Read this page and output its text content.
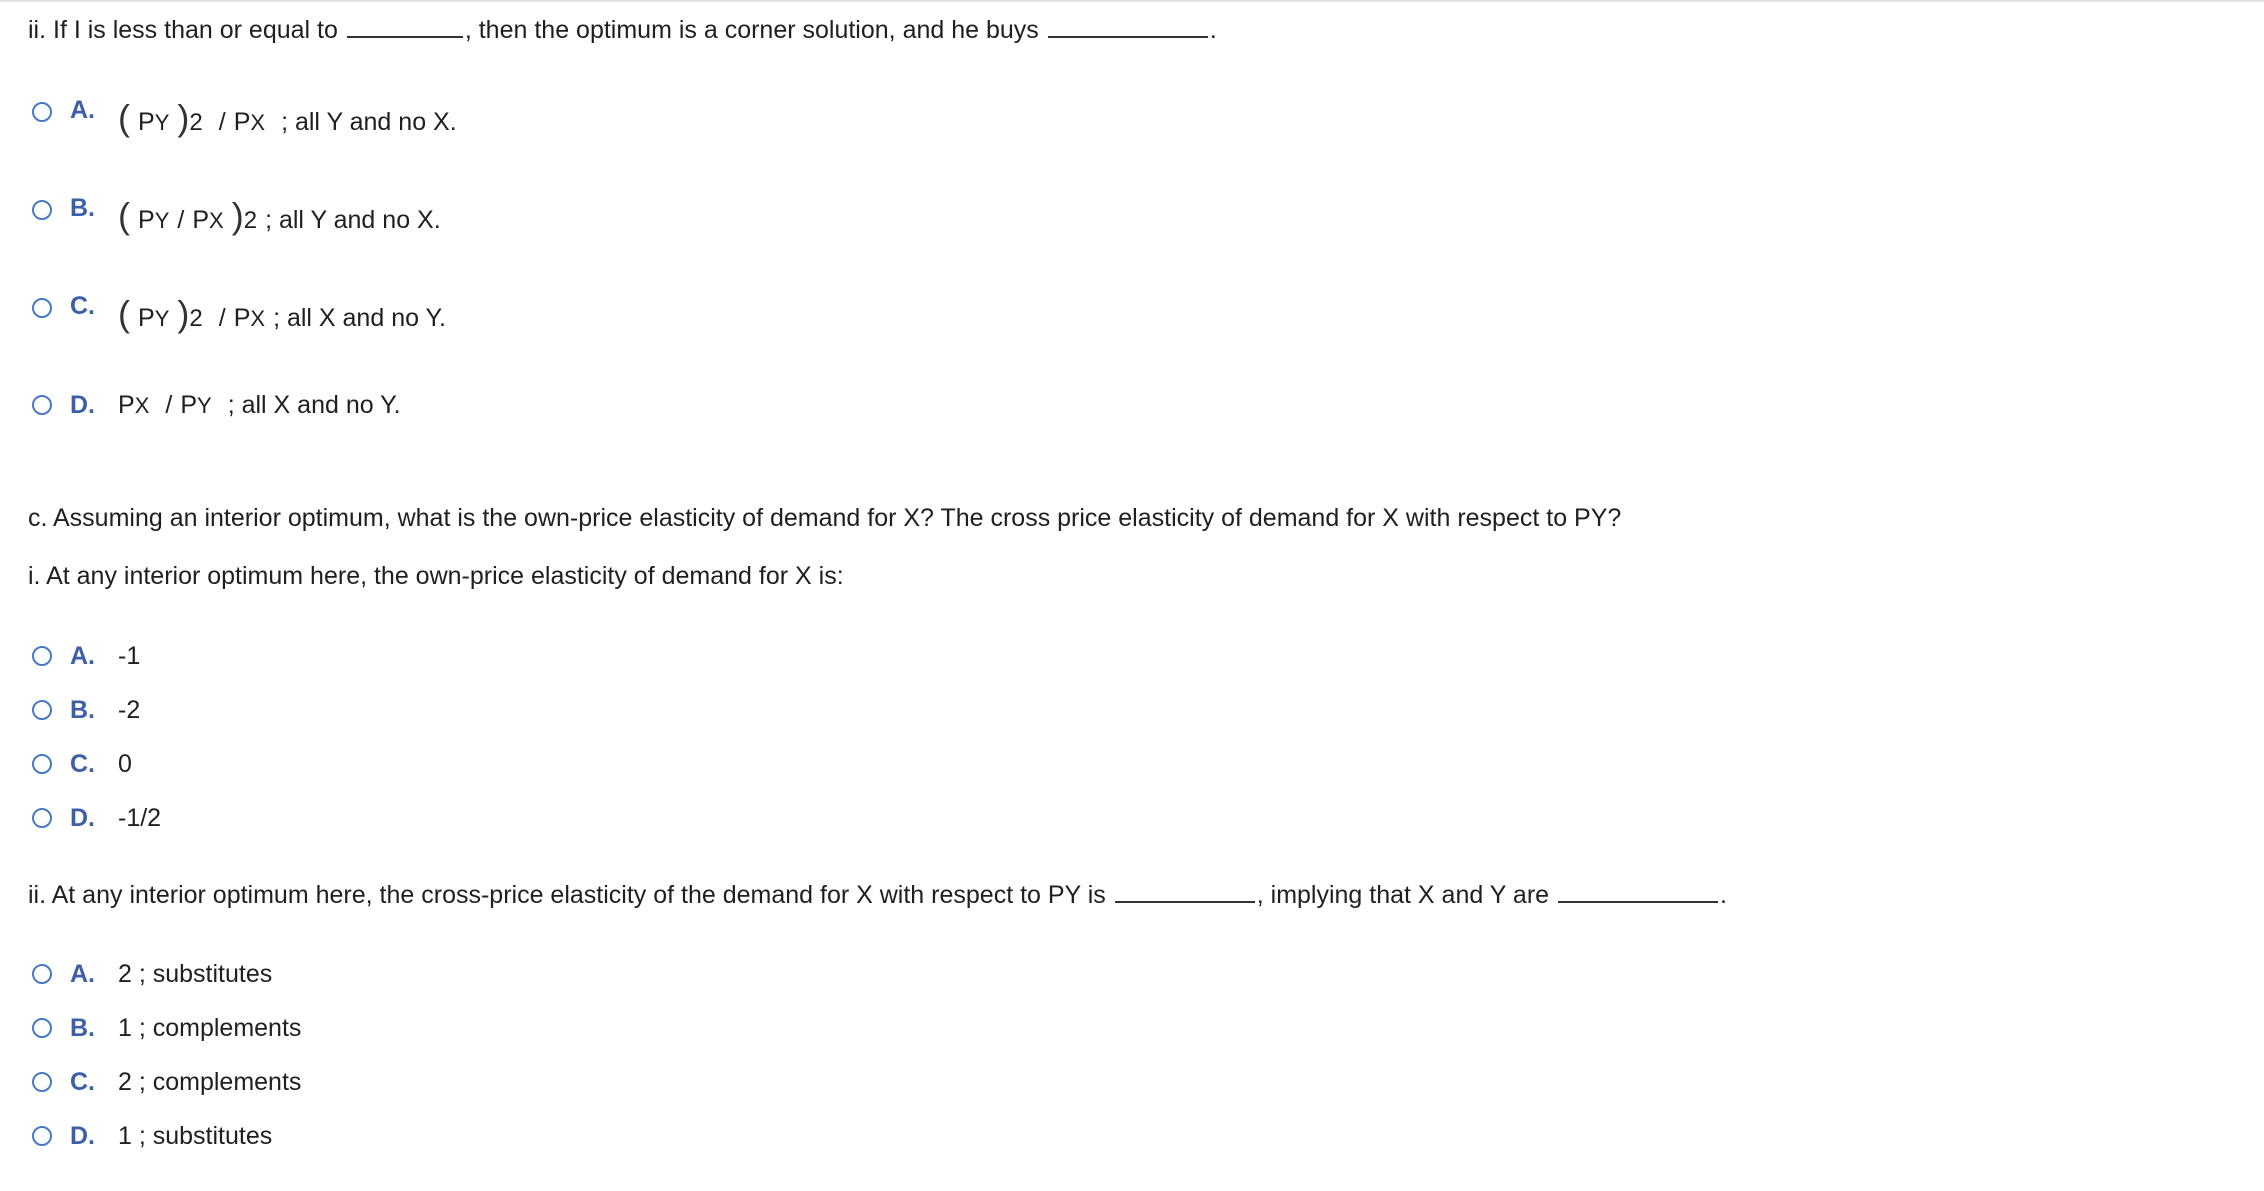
ii. If I is less than or equal to	, then the optimum is a corner solution, and he buys	.
A. ( P Y ) 2 / P X ; all Y and no X.
B. ( P Y / P X ) 2 ; all Y and no X.
C. ( P Y ) 2 / P X ; all X and no Y.
D. P X / P Y ; all X and no Y.
c. Assuming an interior optimum, what is the own-price elasticity of demand for X? The cross price elasticity of demand for X with respect to PY?
i. At any interior optimum here, the own-price elasticity of demand for X is:
A. -1
B. -2
C. 0
D. -1/2
ii. At any interior optimum here, the cross-price elasticity of the demand for X with respect to PY is	, implying that X and Y are	.
A. 2 ; substitutes
B. 1 ; complements
C. 2 ; complements
D. 1 ; substitutes
